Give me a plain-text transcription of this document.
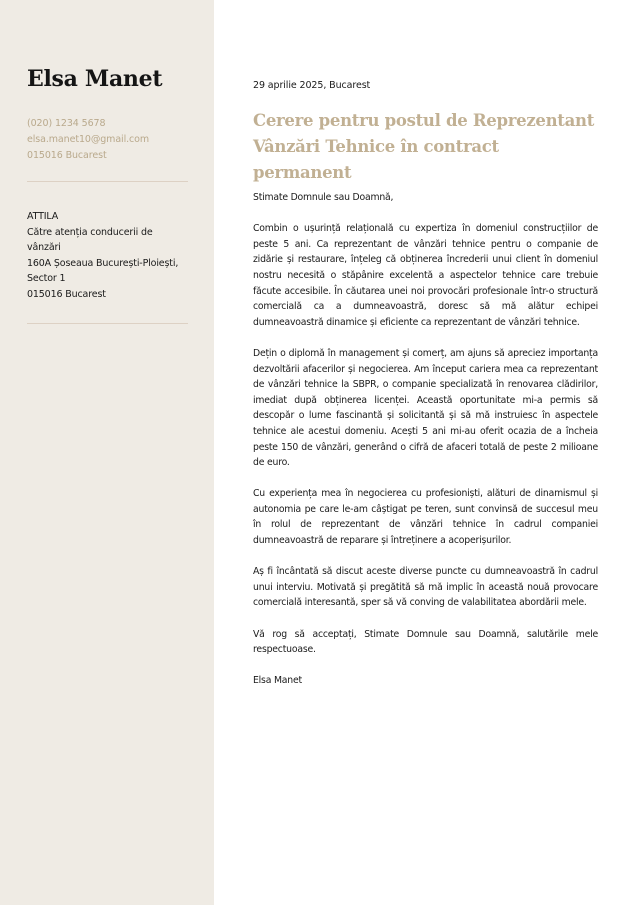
Elsa Manet
(020) 1234 5678
elsa.manet10@gmail.com
015016 Bucarest
ATTILA
Către atenția conducerii de vânzări
160A Șoseaua București-Ploiești, Sector 1
015016 Bucarest
29 aprilie 2025, Bucarest
Cerere pentru postul de Reprezentant Vânzări Tehnice în contract permanent

Stimate Domnule sau Doamnă,

Combin o ușurință relațională cu expertiza în domeniul construcțiilor de peste 5 ani. Ca reprezentant de vânzări tehnice pentru o companie de zidărie și restaurare, înțeleg că obținerea încrederii unui client în domeniul nostru necesită o stăpânire excelentă a aspectelor tehnice care trebuie făcute accesibile. În căutarea unei noi provocări profesionale într-o structură comercială ca a dumneavoastră, doresc să mă alătur echipei dumneavoastră dinamice și eficiente ca reprezentant de vânzări tehnice.

Dețin o diplomă în management și comerț, am ajuns să apreciez importanța dezvoltării afacerilor și negocierea. Am început cariera mea ca reprezentant de vânzări tehnice la SBPR, o companie specializată în renovarea clădirilor, imediat după obținerea licenței. Această oportunitate mi-a permis să descopăr o lume fascinantă și solicitantă și să mă instruiesc în aspectele tehnice ale acestui domeniu. Acești 5 ani mi-au oferit ocazia de a încheia peste 150 de vânzări, generând o cifră de afaceri totală de peste 2 milioane de euro.

Cu experiența mea în negocierea cu profesioniști, alături de dinamismul și autonomia pe care le-am câștigat pe teren, sunt convinsă de succesul meu în rolul de reprezentant de vânzări tehnice în cadrul companiei dumneavoastră de reparare și întreținere a acoperișurilor.

Aș fi încântată să discut aceste diverse puncte cu dumneavoastră în cadrul unui interviu. Motivată și pregătită să mă implic în această nouă provocare comercială interesantă, sper să vă conving de valabilitatea abordării mele.

Vă rog să acceptați, Stimate Domnule sau Doamnă, salutările mele respectuoase.

Elsa Manet
